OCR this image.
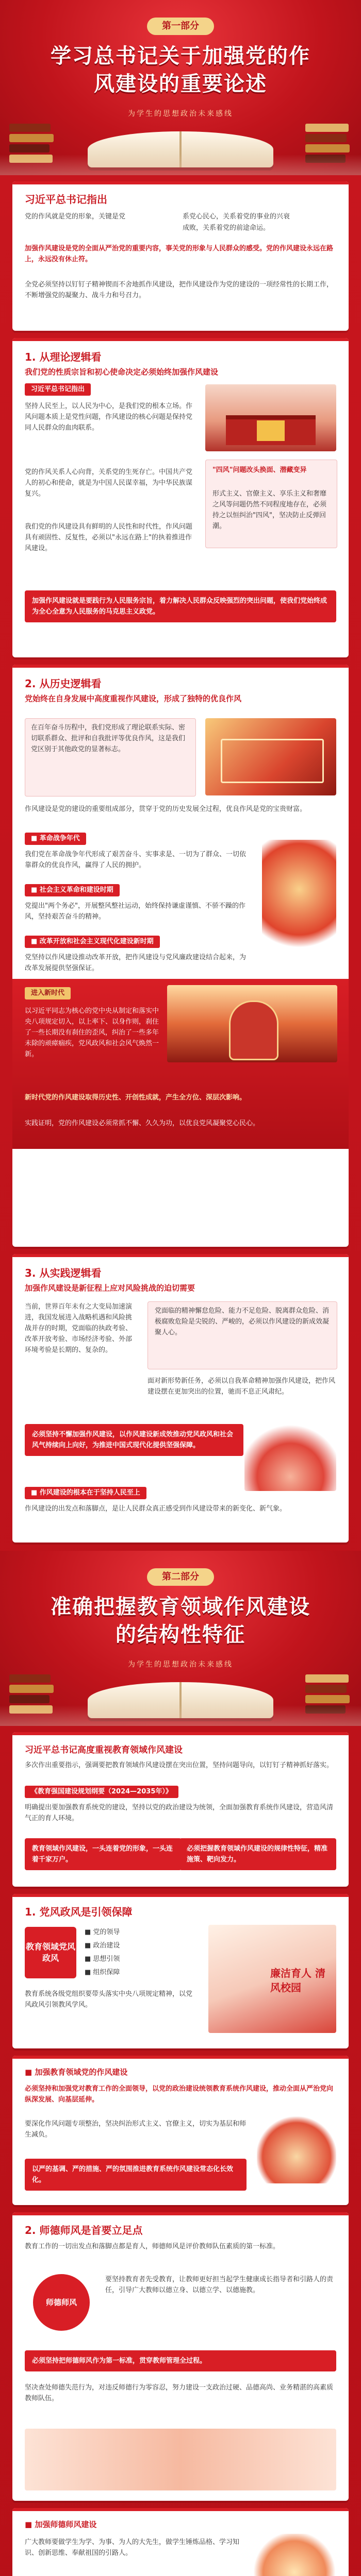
第一部分
学习总书记关于加强党的作
风建设的重要论述
为学生的思想政治未来感线
习近平总书记指出
党的作风就是党的形象，关键是党	系党心民心，关系着党的事业的兴衰
成败，关系着党的前途命运。
加强作风建设是党的全面从严治党的重要内容，事关党的形象与人民群众的感受。党的作风建设永远在路上，永远没有休止符。
全党必须坚持以钉钉子精神锲而不舍地抓作风建设，把作风建设作为党的建设的一项经常性的长期工作，不断增强党的凝聚力、战斗力和号召力。
1. 从理论逻辑看
我们党的性质宗旨和初心使命决定必须始终加强作风建设
习近平总书记指出
坚持人民至上，以人民为中心，是我们党的根本立场。作风问题本质上是党性问题，作风建设的核心问题是保持党同人民群众的血肉联系。
党的作风关系人心向背，关系党的生死存亡。中国共产党人的初心和使命，就是为中国人民谋幸福，为中华民族谋复兴。
"四风"问题改头换面、潜藏变异
形式主义、官僚主义、享乐主义和奢靡之风等问题仍然不同程度地存在，必须持之以恒纠治"四风"，坚决防止反弹回潮。
我们党的作风建设具有鲜明的人民性和时代性，作风问题具有顽固性、反复性，必须以"永远在路上"的执着推进作风建设。
加强作风建设就是要践行为人民服务宗旨，着力解决人民群众反映强烈的突出问题，使我们党始终成为全心全意为人民服务的马克思主义政党。
2. 从历史逻辑看
党始终在自身发展中高度重视作风建设，形成了独特的优良作风
在百年奋斗历程中，我们党形成了理论联系实际、密切联系群众、批评和自我批评等优良作风，这是我们党区别于其他政党的显著标志。
作风建设是党的建设的重要组成部分，贯穿于党的历史发展全过程，优良作风是党的宝贵财富。
■ 革命战争年代
我们党在革命战争年代形成了艰苦奋斗、实事求是、一切为了群众、一切依靠群众的优良作风，赢得了人民的拥护。
■ 社会主义革命和建设时期
党提出"两个务必"，开展整风整社运动，始终保持谦虚谨慎、不骄不躁的作风，坚持艰苦奋斗的精神。
■ 改革开放和社会主义现代化建设新时期
党坚持以作风建设推动改革开放，把作风建设与党风廉政建设结合起来，为改革发展提供坚强保证。
进入新时代
以习近平同志为核心的党中央从制定和落实中央八项规定切入，以上率下、以身作则，刹住了一些长期没有刹住的歪风，纠治了一些多年未除的顽瘴痼疾，党风政风和社会风气焕然一新。
新时代党的作风建设取得历史性、开创性成就，产生全方位、深层次影响。
实践证明，党的作风建设必须常抓不懈、久久为功，以优良党风凝聚党心民心。
3. 从实践逻辑看
加强作风建设是新征程上应对风险挑战的迫切需要
当前，世界百年未有之大变局加速演进，我国发展进入战略机遇和风险挑战并存的时期，党面临的执政考验、改革开放考验、市场经济考验、外部环境考验是长期的、复杂的。
党面临的精神懈怠危险、能力不足危险、脱离群众危险、消极腐败危险是尖锐的、严峻的，必须以作风建设的新成效凝聚人心。
面对新形势新任务，必须以自我革命精神加强作风建设，把作风建设摆在更加突出的位置，驰而不息正风肃纪。
必须坚持不懈加强作风建设，以作风建设新成效推动党风政风和社会风气持续向上向好，为推进中国式现代化提供坚强保障。
■ 作风建设的根本在于坚持人民至上
作风建设的出发点和落脚点，是让人民群众真正感受到作风建设带来的新变化、新气象。
第二部分
准确把握教育领域作风建设
的结构性特征
为学生的思想政治未来感线
习近平总书记高度重视教育领域作风建设
多次作出重要指示，强调要把教育领域作风建设摆在突出位置，坚持问题导向，以钉钉子精神抓好落实。
《教育强国建设规划纲要（2024—2035年）》
明确提出要加强教育系统党的建设，坚持以党的政治建设为统领，全面加强教育系统作风建设，营造风清气正的育人环境。
教育领域作风建设，一头连着党的形象，一头连着千家万户。
必须把握教育领域作风建设的规律性特征，精准施策、靶向发力。
1. 党风政风是引领保障
教育领域党风政风
■ 党的领导
■ 政治建设
■ 思想引领
■ 组织保障
教育系统各级党组织要带头落实中央八项规定精神，以党风政风引领教风学风。
廉洁育人 清风校园
■ 加强教育领域党的作风建设
必须坚持和加强党对教育工作的全面领导，以党的政治建设统领教育系统作风建设，推动全面从严治党向纵深发展、向基层延伸。
要深化作风问题专项整治，坚决纠治形式主义、官僚主义，切实为基层和师生减负。
以严的基调、严的措施、严的氛围推进教育系统作风建设常态化长效化。
2. 师德师风是首要立足点
教育工作的一切出发点和落脚点都是育人，师德师风是评价教师队伍素质的第一标准。
师德师风
要坚持教育者先受教育，让教师更好担当起学生健康成长指导者和引路人的责任，引导广大教师以德立身、以德立学、以德施教。
必须坚持把师德师风作为第一标准，贯穿教师管理全过程。
坚决查处师德失范行为，对违反师德行为零容忍，努力建设一支政治过硬、品德高尚、业务精湛的高素质教师队伍。
■ 加强师德师风建设
广大教师要做学生为学、为事、为人的大先生，做学生锤炼品格、学习知识、创新思维、奉献祖国的引路人。
